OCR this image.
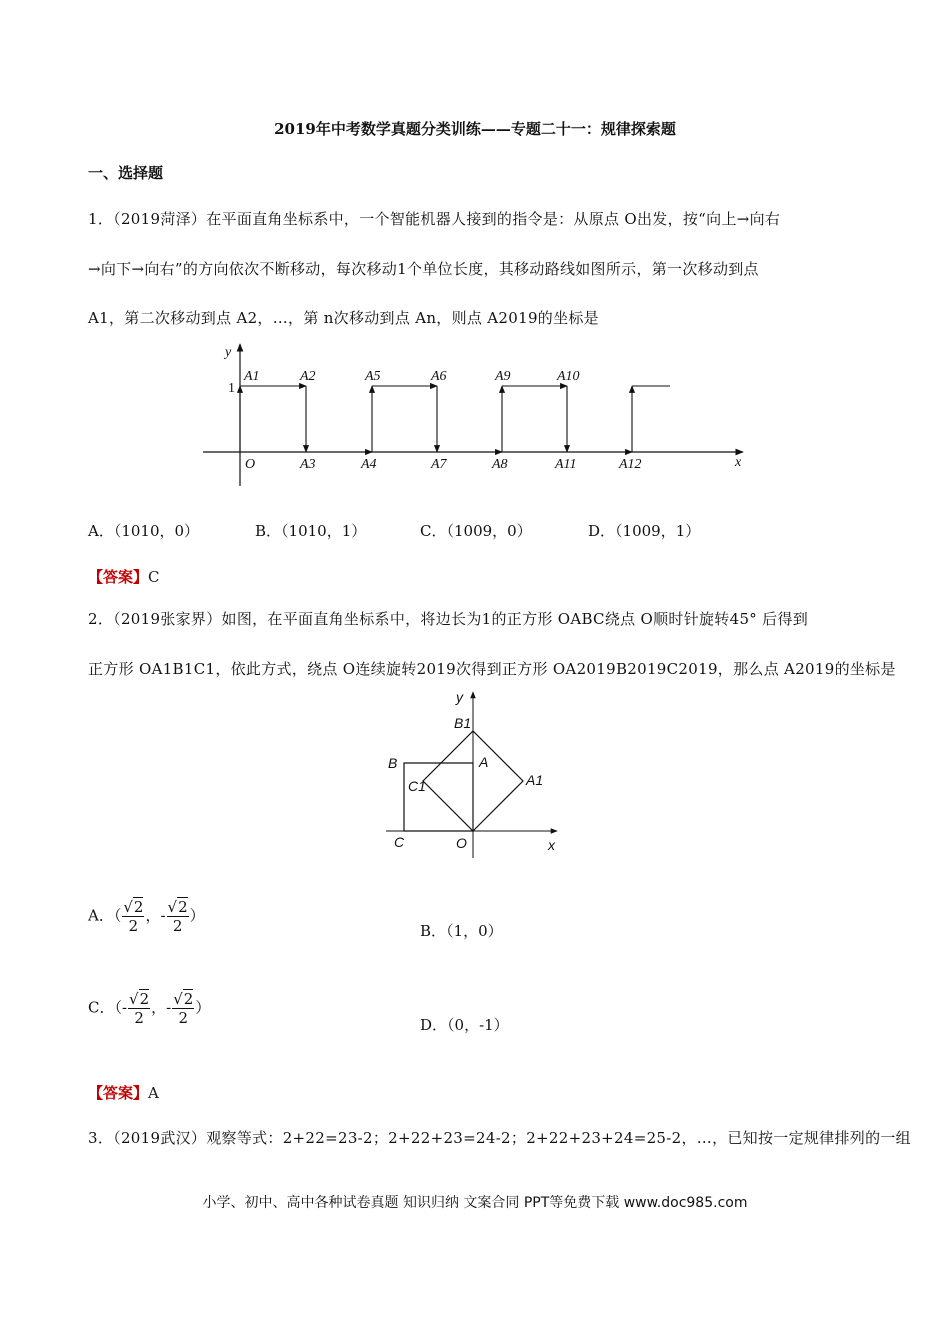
2019年中考数学真题分类训练——专题二十一：规律探索题
一、选择题
1．（2019菏泽）在平面直角坐标系中，一个智能机器人接到的指令是：从原点 O出发，按“向上→向右
→向下→向右”的方向依次不断移动，每次移动1个单位长度，其移动路线如图所示，第一次移动到点
A1，第二次移动到点 A2，…，第 n次移动到点 An，则点 A2019的坐标是
y
x
O
A1	A2	A5	A6	A9	A10
A3	A4	A7	A8	A11	A12
1
A．（1010，0）	B．（1010，1）	C．（1009，0）	D．（1009，1）
【答案】C
2．（2019张家界）如图，在平面直角坐标系中，将边长为1的正方形 OABC绕点 O顺时针旋转45° 后得到
正方形 OA1B1C1，依此方式，绕点 O连续旋转2019次得到正方形 OA2019B2019C2019，那么点 A2019的坐标是
y
x
O
A
B
C
A1
B1
C1
A．（ $\frac{√2}{2}$ ，- $\frac{√2}{2}$ ）
B．（1，0）
C．（- $\frac{√2}{2}$ ，- $\frac{√2}{2}$ ）
D．（0，-1）
【答案】A
3．（2019武汉）观察等式：2+22=23-2；2+22+23=24-2；2+22+23+24=25-2，…，已知按一定规律排列的一组
小学、初中、高中各种试卷真题 知识归纳 文案合同 PPT等免费下载 www.doc985.com
